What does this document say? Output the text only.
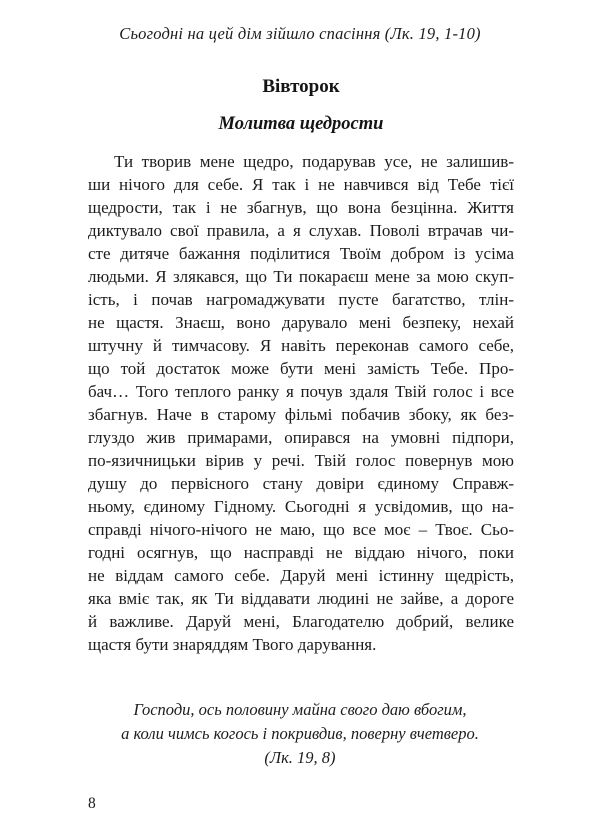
Сьогодні на цей дім зійшло спасіння (Лк. 19, 1-10)
Вівторок
Молитва щедрости
Ти творив мене щедро, подарував усе, не залишив-
ши нічого для себе. Я так і не навчився від Тебе тієї
щедрости, так і не збагнув, що вона безцінна. Життя
диктувало свої правила, а я слухав. Поволі втрачав чи-
сте дитяче бажання поділитися Твоїм добром із усіма
людьми. Я злякався, що Ти покараєш мене за мою скуп-
ість, і почав нагромаджувати пусте багатство, тлін-
не щастя. Знаєш, воно дарувало мені безпеку, нехай
штучну й тимчасову. Я навіть переконав самого себе,
що той достаток може бути мені замість Тебе. Про-
бач… Того теплого ранку я почув здаля Твій голос і все
збагнув. Наче в старому фільмі побачив збоку, як без-
глуздо жив примарами, опирався на умовні підпори,
по-язичницьки вірив у речі. Твій голос повернув мою
душу до первісного стану довіри єдиному Справж-
ньому, єдиному Гідному. Сьогодні я усвідомив, що на-
справді нічого-нічого не маю, що все моє – Твоє. Сьо-
годні осягнув, що насправді не віддаю нічого, поки
не віддам самого себе. Даруй мені істинну щедрість,
яка вміє так, як Ти віддавати людині не зайве, а дороге
й важливе. Даруй мені, Благодателю добрий, велике
щастя бути знаряддям Твого дарування.
Господи, ось половину майна свого даю вбогим,
а коли чимсь когось і покривдив, поверну вчетверо.
(Лк. 19, 8)
8
